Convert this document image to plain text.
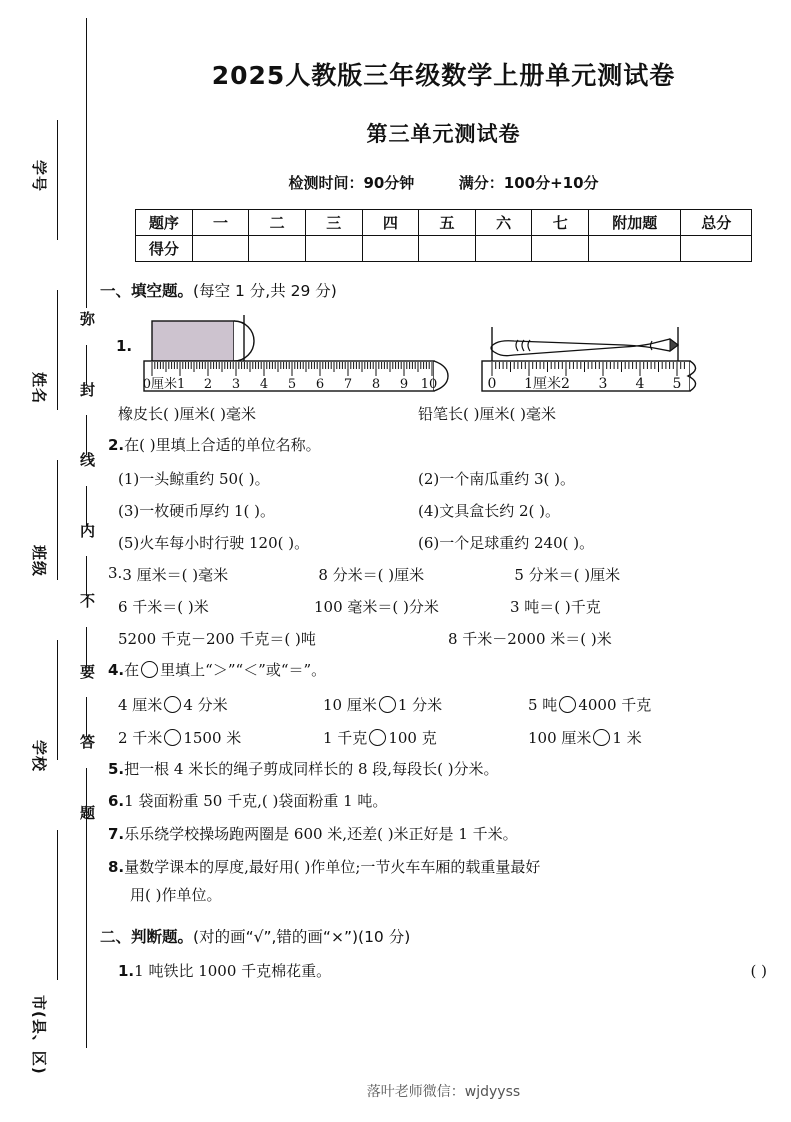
学号
姓名
班级
学校
市(县、区)
弥
封
线
内
不
要
答
题
2025人教版三年级数学上册单元测试卷
第三单元测试卷
检测时间：90分钟	满分：100分+10分
题序	一	二	三	四	五	六	七	附加题	总分
得分									
一、填空题。(每空 1 分,共 29 分)
1.
0厘米1 2 3 4 5 6 7 8 9 10	0 1厘米2 3 4 5
橡皮长( )厘米( )毫米	铅笔长( )厘米( )毫米
2.在( )里填上合适的单位名称。
(1)一头鲸重约 50( )。	(2)一个南瓜重约 3( )。
(3)一枚硬币厚约 1( )。	(4)文具盒长约 2( )。
(5)火车每小时行驶 120( )。	(6)一个足球重约 240( )。
3. 3 厘米＝( )毫米	8 分米＝( )厘米	5 分米＝( )厘米
6 千米＝( )米	100 毫米＝( )分米	3 吨＝( )千克
5200 千克－200 千克＝( )吨	8 千米－2000 米＝( )米
4.在 里填上“＞”“＜”或“＝”。
4 厘米 4 分米	10 厘米 1 分米	5 吨 4000 千克
2 千米 1500 米	1 千克 100 克	100 厘米 1 米
5.把一根 4 米长的绳子剪成同样长的 8 段,每段长( )分米。
6.1 袋面粉重 50 千克,( )袋面粉重 1 吨。
7.乐乐绕学校操场跑两圈是 600 米,还差( )米正好是 1 千米。
8.量数学课本的厚度,最好用( )作单位;一节火车车厢的载重量最好
用( )作单位。
二、判断题。(对的画“√”,错的画“×”)(10 分)
1.1 吨铁比 1000 千克棉花重。	( )
落叶老师微信：wjdyyss
